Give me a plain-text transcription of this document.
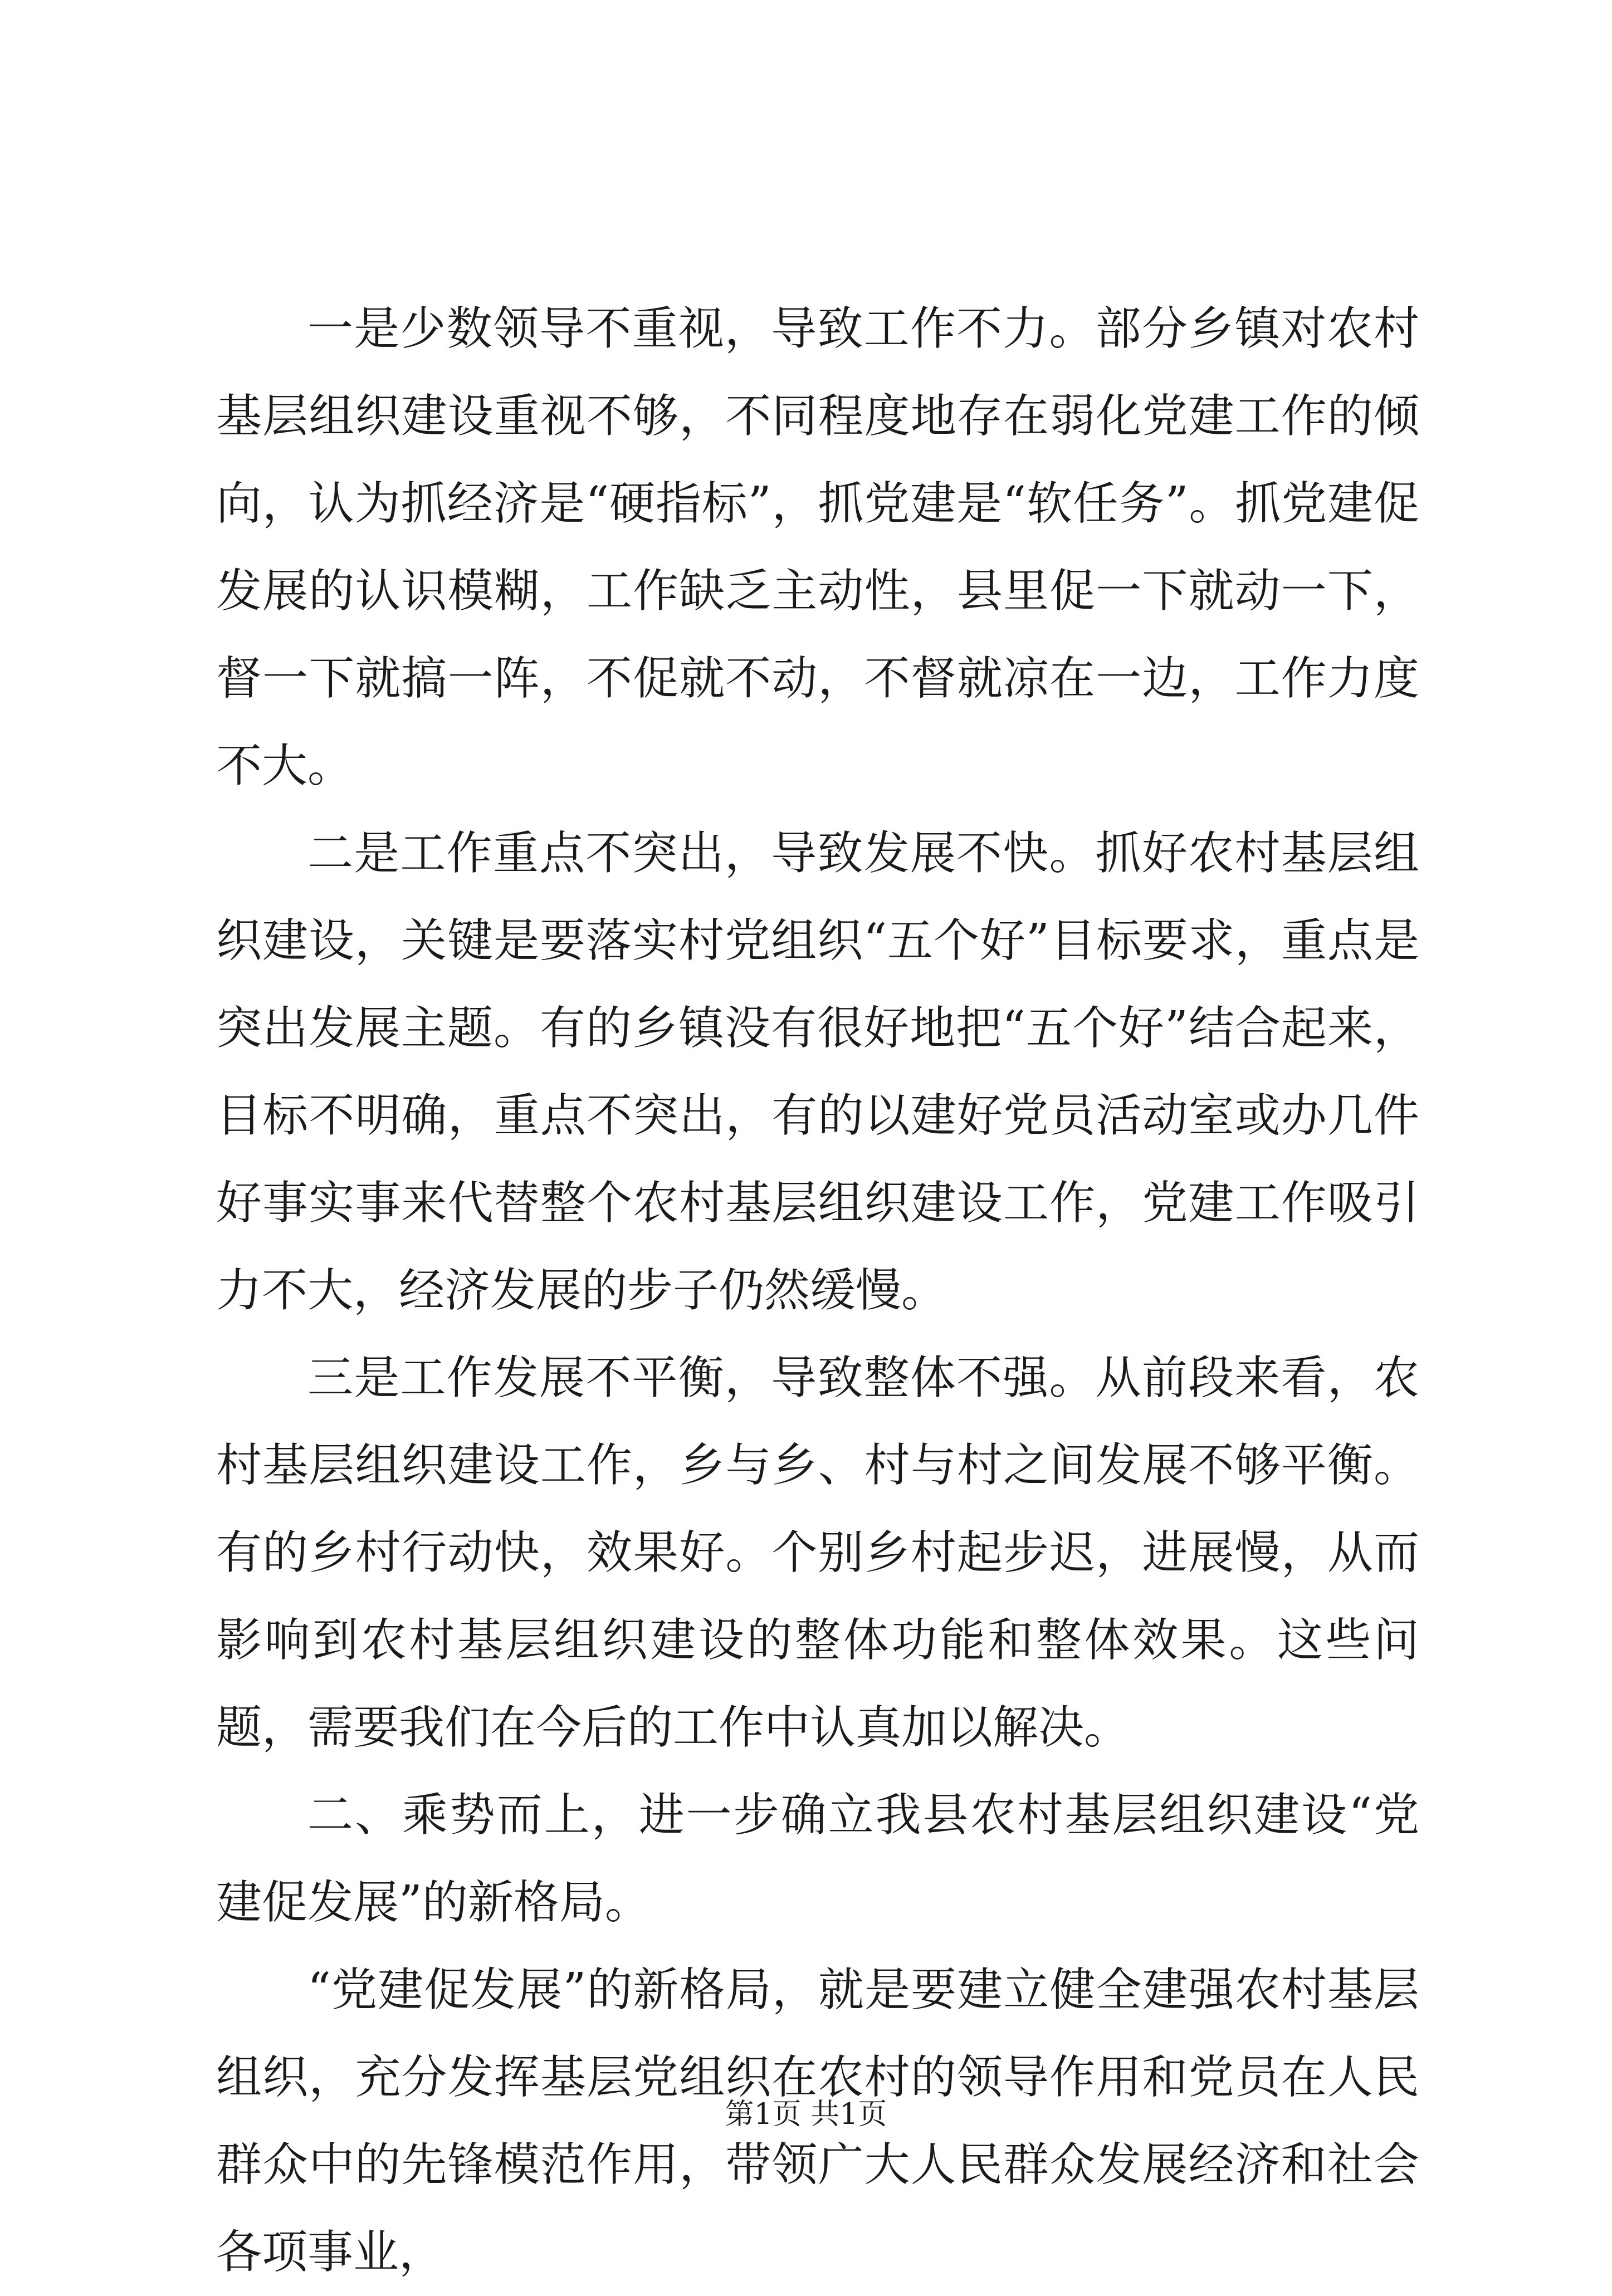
一是少数领导不重视，导致工作不力。部分乡镇对农村基层组织建设重视不够，不同程度地存在弱化党建工作的倾向，认为抓经济是“硬指标”，抓党建是“软任务”。抓党建促发展的认识模糊，工作缺乏主动性，县里促一下就动一下，督一下就搞一阵，不促就不动，不督就凉在一边，工作力度不大。

二是工作重点不突出，导致发展不快。抓好农村基层组织建设，关键是要落实村党组织“五个好”目标要求，重点是突出发展主题。有的乡镇没有很好地把“五个好”结合起来，目标不明确，重点不突出，有的以建好党员活动室或办几件好事实事来代替整个农村基层组织建设工作，党建工作吸引力不大，经济发展的步子仍然缓慢。

三是工作发展不平衡，导致整体不强。从前段来看，农村基层组织建设工作，乡与乡、村与村之间发展不够平衡。有的乡村行动快，效果好。个别乡村起步迟，进展慢，从而影响到农村基层组织建设的整体功能和整体效果。这些问题，需要我们在今后的工作中认真加以解决。

二、乘势而上，进一步确立我县农村基层组织建设“党建促发展”的新格局。

“党建促发展”的新格局，就是要建立健全建强农村基层组织，充分发挥基层党组织在农村的领导作用和党员在人民群众中的先锋模范作用，带领广大人民群众发展经济和社会各项事业，

第1页 共1页
